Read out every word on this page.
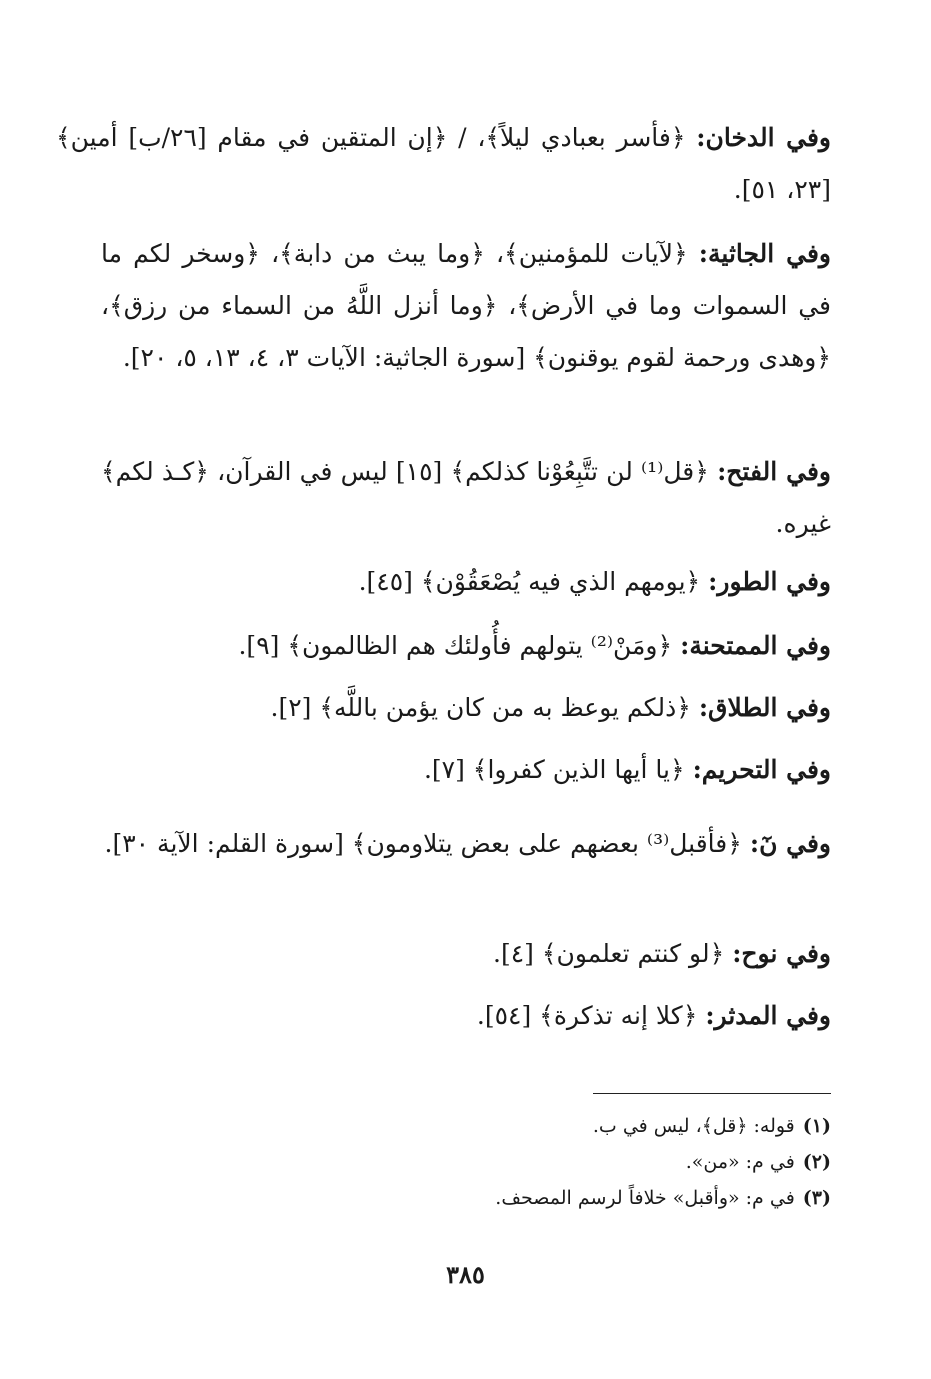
وفي الدخان: ﴿فأسر بعبادي ليلاً﴾، / ﴿إن المتقين في مقام [٢٦/ب] أمين﴾ [٢٣، ٥١].

وفي الجاثية: ﴿لآيات للمؤمنين﴾، ﴿وما يبث من دابة﴾، ﴿وسخر لكم ما في السموات وما في الأرض﴾، ﴿وما أنزل اللَّهُ من السماء من رزق﴾، ﴿وهدى ورحمة لقوم يوقنون﴾ [سورة الجاثية: الآيات ٣، ٤، ١٣، ٥، ٢٠].

وفي الفتح: ﴿قل⁽¹⁾ لن تتَّبِعُوْنا كذلكم﴾ [١٥] ليس في القرآن، ﴿كـذ لكم﴾ غيره.

وفي الطور: ﴿يومهم الذي فيه يُصْعَقُوْن﴾ [٤٥].

وفي الممتحنة: ﴿ومَنْ⁽²⁾ يتولهم فأُولئك هم الظالمون﴾ [٩].

وفي الطلاق: ﴿ذلكم يوعظ به من كان يؤمن باللَّه﴾ [٢].

وفي التحريم: ﴿يا أيها الذين كفروا﴾ [٧].

وفي نٓ: ﴿فأقبل⁽³⁾ بعضهم على بعض يتلاومون﴾ [سورة القلم: الآية ٣٠].

وفي نوح: ﴿لو كنتم تعلمون﴾ [٤].

وفي المدثر: ﴿كلا إنه تذكرة﴾ [٥٤].

(١)قوله: ﴿قل﴾، ليس في ب.
(٢)في م: «من».
(٣)في م: «وأقبل» خلافاً لرسم المصحف.
٣٨٥
